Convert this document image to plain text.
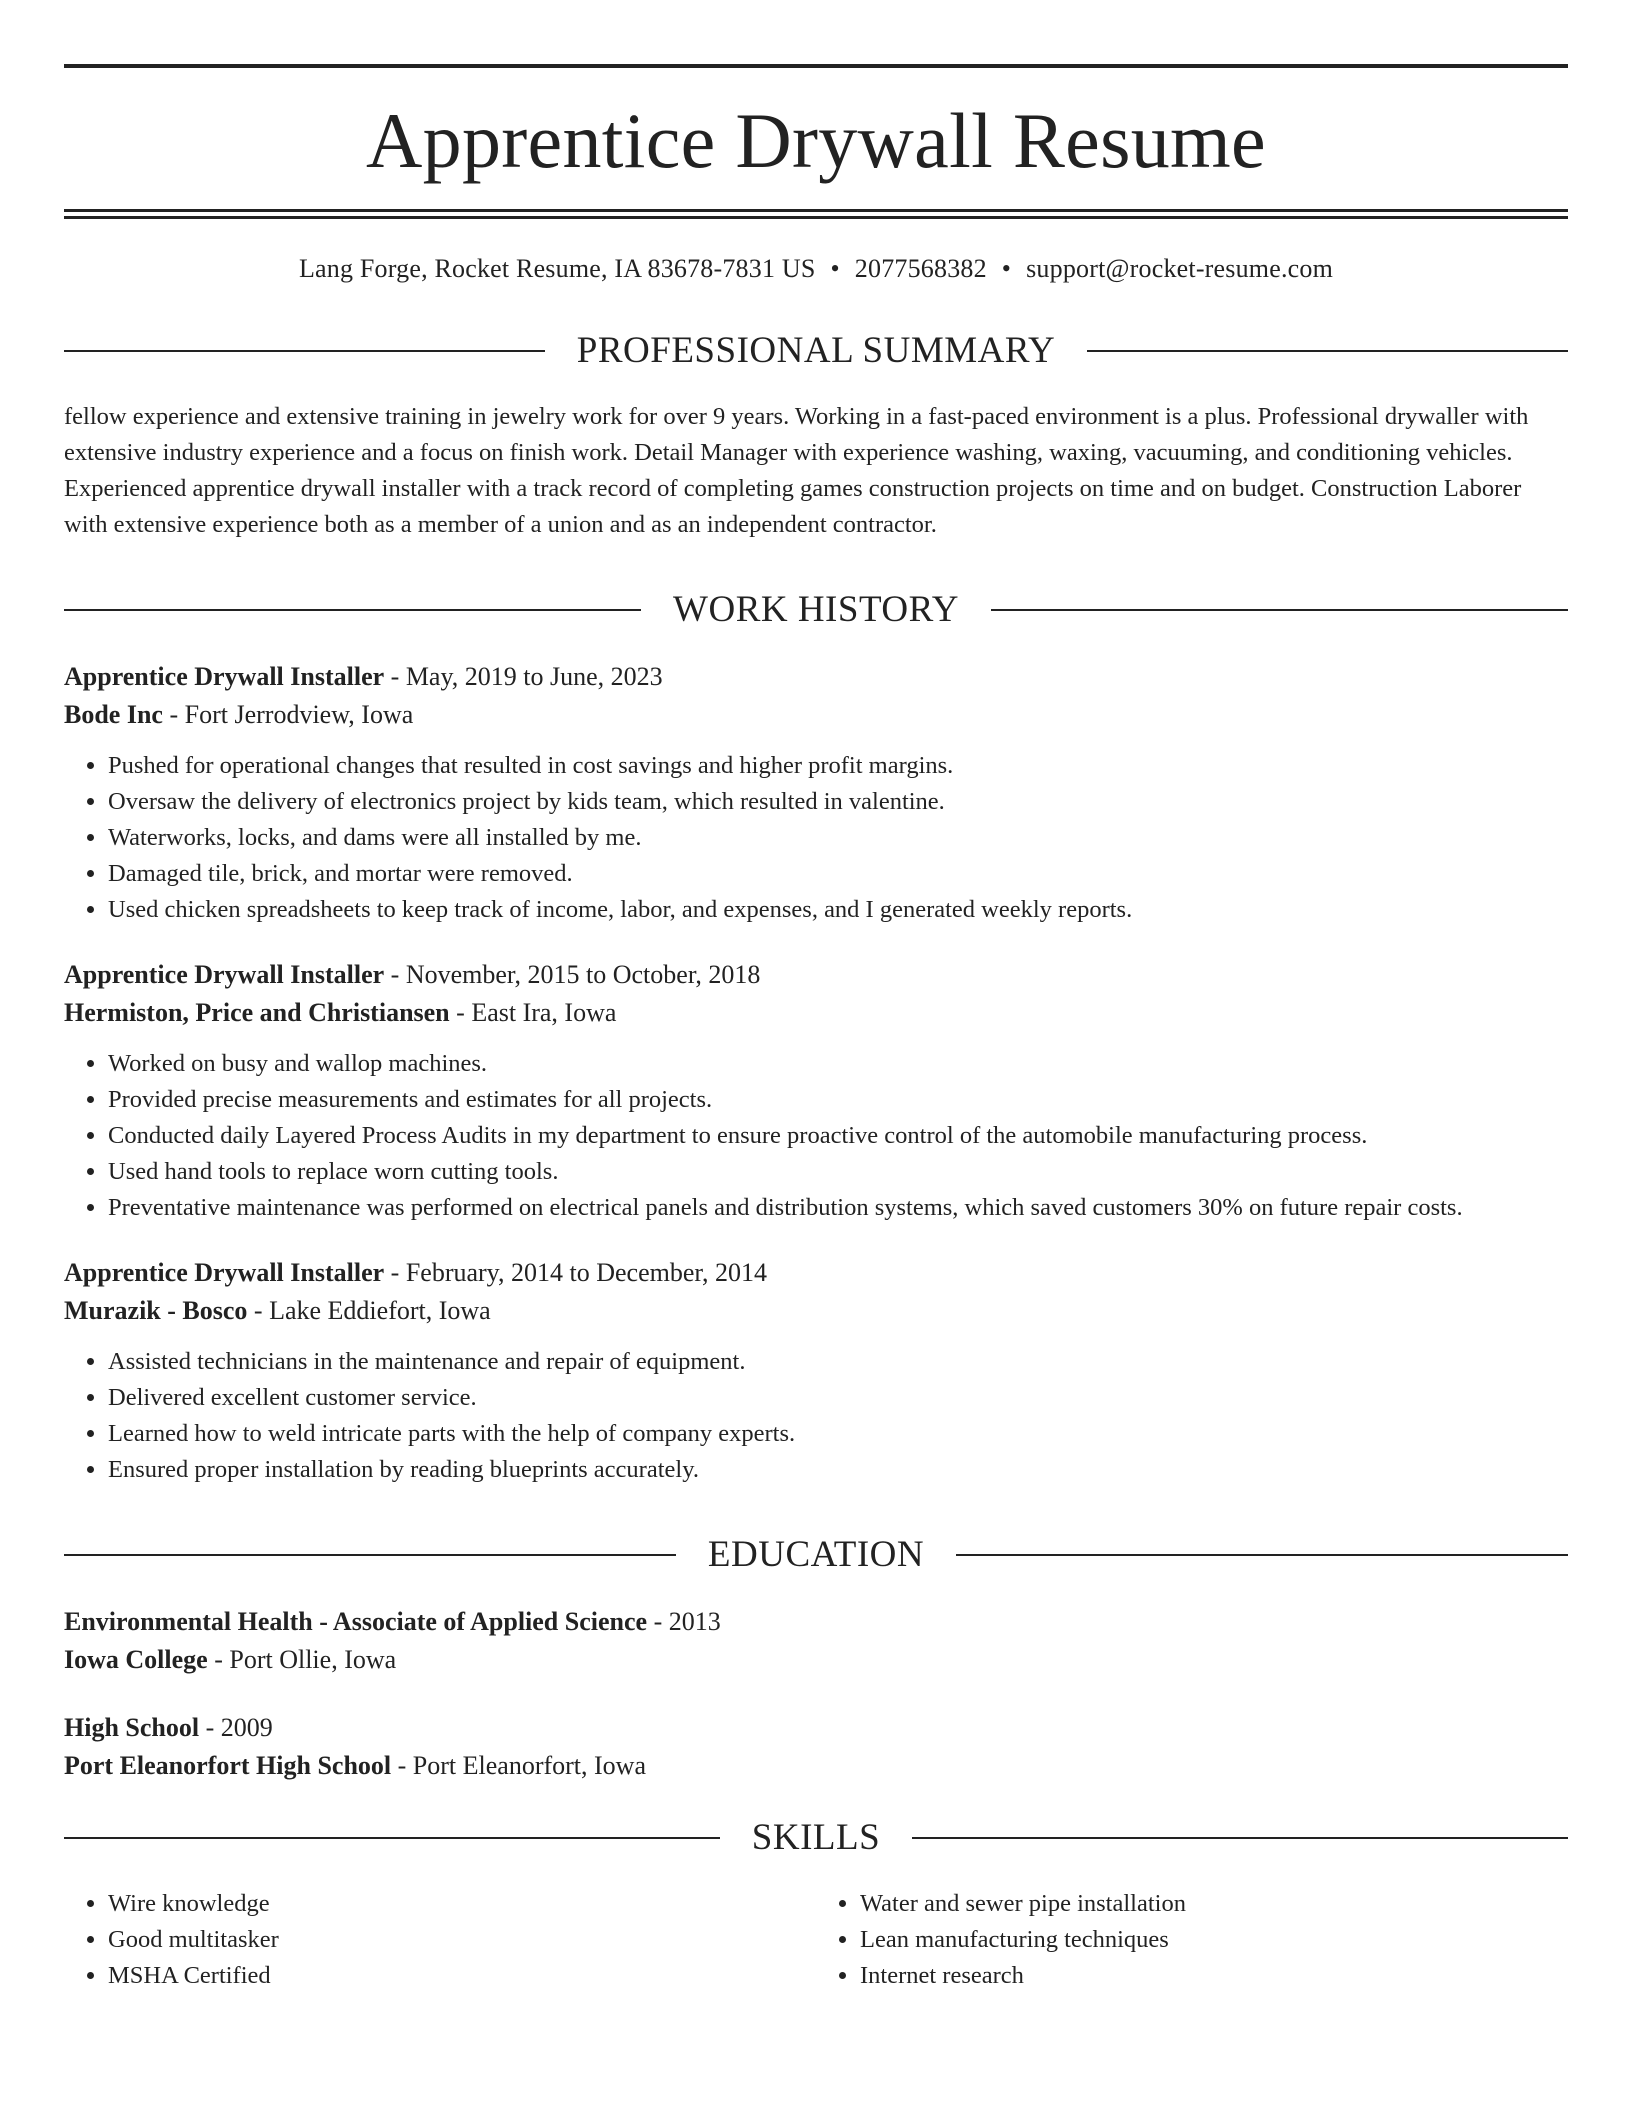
Apprentice Drywall Resume
Lang Forge, Rocket Resume, IA 83678-7831 US • 2077568382 • support@rocket-resume.com
PROFESSIONAL SUMMARY

fellow experience and extensive training in jewelry work for over 9 years. Working in a fast-paced environment is a plus. Professional drywaller with extensive industry experience and a focus on finish work. Detail Manager with experience washing, waxing, vacuuming, and conditioning vehicles. Experienced apprentice drywall installer with a track record of completing games construction projects on time and on budget. Construction Laborer with extensive experience both as a member of a union and as an independent contractor.

WORK HISTORY
Apprentice Drywall Installer - May, 2019 to June, 2023
Bode Inc - Fort Jerrodview, Iowa
• Pushed for operational changes that resulted in cost savings and higher profit margins.
• Oversaw the delivery of electronics project by kids team, which resulted in valentine.
• Waterworks, locks, and dams were all installed by me.
• Damaged tile, brick, and mortar were removed.
• Used chicken spreadsheets to keep track of income, labor, and expenses, and I generated weekly reports.
Apprentice Drywall Installer - November, 2015 to October, 2018
Hermiston, Price and Christiansen - East Ira, Iowa
• Worked on busy and wallop machines.
• Provided precise measurements and estimates for all projects.
• Conducted daily Layered Process Audits in my department to ensure proactive control of the automobile manufacturing process.
• Used hand tools to replace worn cutting tools.
• Preventative maintenance was performed on electrical panels and distribution systems, which saved customers 30% on future repair costs.
Apprentice Drywall Installer - February, 2014 to December, 2014
Murazik - Bosco - Lake Eddiefort, Iowa
• Assisted technicians in the maintenance and repair of equipment.
• Delivered excellent customer service.
• Learned how to weld intricate parts with the help of company experts.
• Ensured proper installation by reading blueprints accurately.
EDUCATION
Environmental Health - Associate of Applied Science - 2013
Iowa College - Port Ollie, Iowa
High School - 2009
Port Eleanorfort High School - Port Eleanorfort, Iowa
SKILLS
• Wire knowledge
• Good multitasker
• MSHA Certified
• Water and sewer pipe installation
• Lean manufacturing techniques
• Internet research
